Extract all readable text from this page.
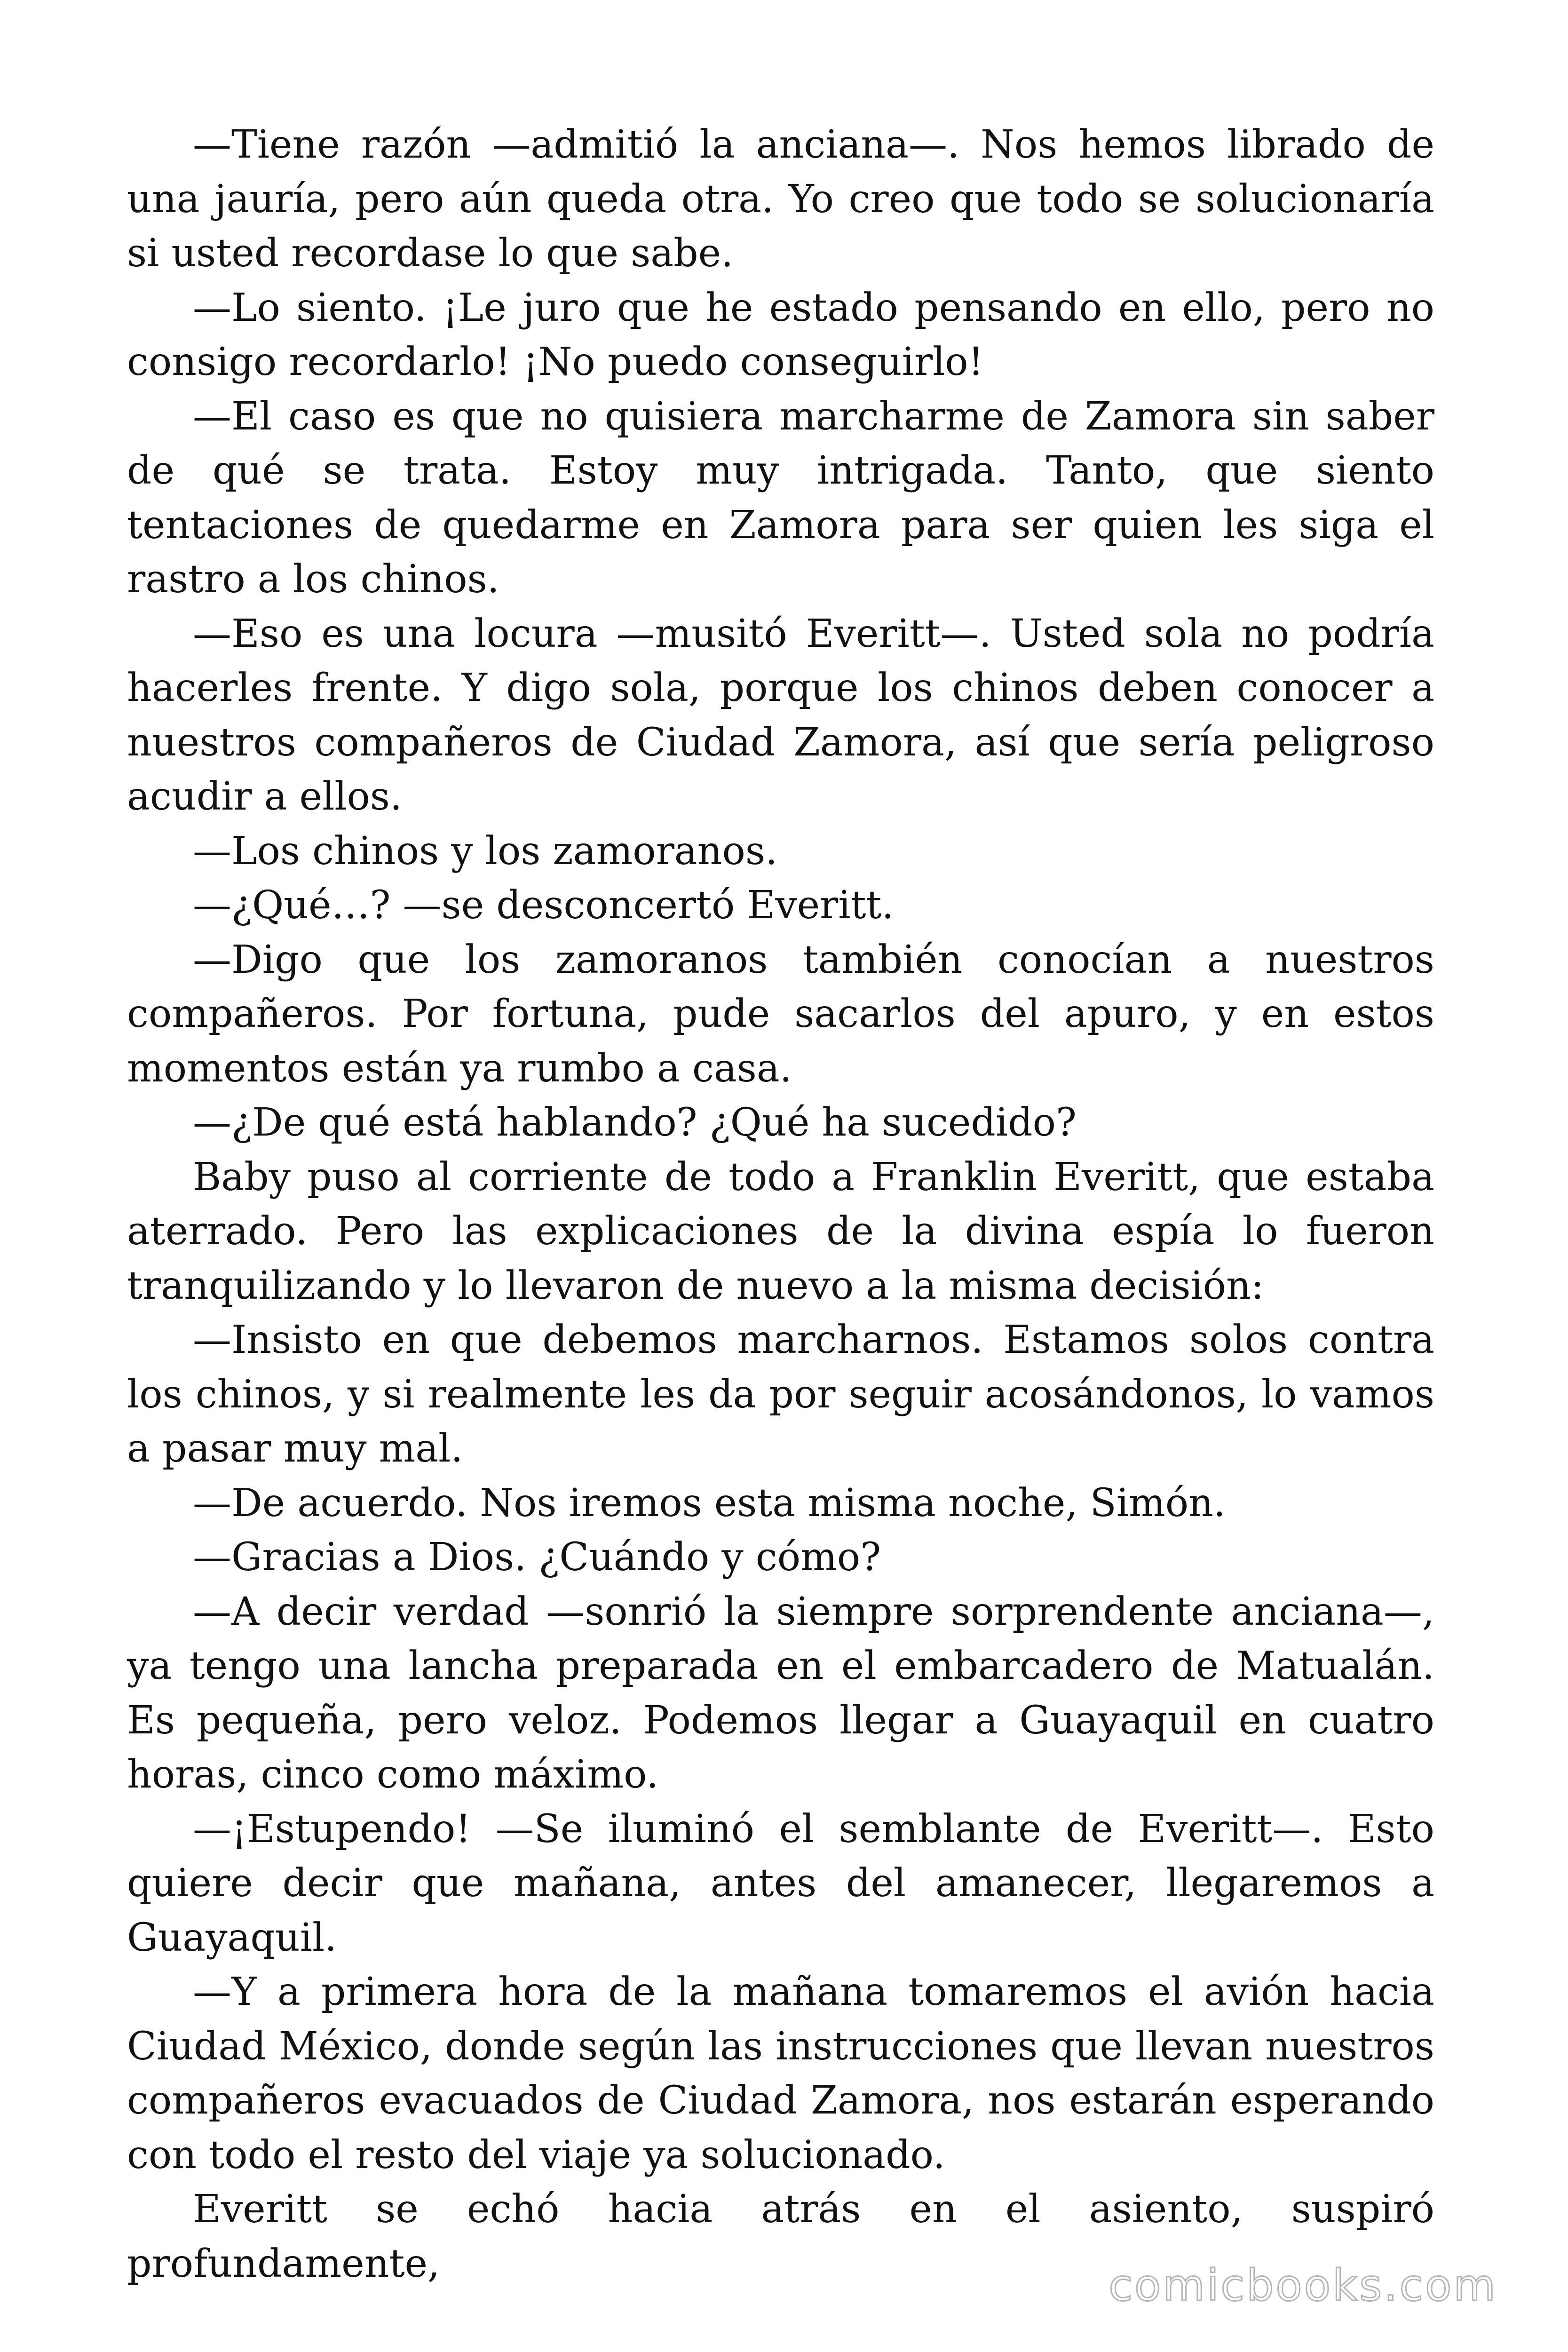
—Tiene razón —admitió la anciana—. Nos hemos librado de una jauría, pero aún queda otra. Yo creo que todo se solucionaría si usted recordase lo que sabe.

—Lo siento. ¡Le juro que he estado pensando en ello, pero no consigo recordarlo! ¡No puedo conseguirlo!

—El caso es que no quisiera marcharme de Zamora sin saber de qué se trata. Estoy muy intrigada. Tanto, que siento tentaciones de quedarme en Zamora para ser quien les siga el rastro a los chinos.

—Eso es una locura —musitó Everitt—. Usted sola no podría hacerles frente. Y digo sola, porque los chinos deben conocer a nuestros compañeros de Ciudad Zamora, así que sería peligroso acudir a ellos.

—Los chinos y los zamoranos.

—¿Qué…? —se desconcertó Everitt.

—Digo que los zamoranos también conocían a nuestros compañeros. Por fortuna, pude sacarlos del apuro, y en estos momentos están ya rumbo a casa.

—¿De qué está hablando? ¿Qué ha sucedido?

Baby puso al corriente de todo a Franklin Everitt, que estaba aterrado. Pero las explicaciones de la divina espía lo fueron tranquilizando y lo llevaron de nuevo a la misma decisión:

—Insisto en que debemos marcharnos. Estamos solos contra los chinos, y si realmente les da por seguir acosándonos, lo vamos a pasar muy mal.

—De acuerdo. Nos iremos esta misma noche, Simón.

—Gracias a Dios. ¿Cuándo y cómo?

—A decir verdad —sonrió la siempre sorprendente anciana—, ya tengo una lancha preparada en el embarcadero de Matualán. Es pequeña, pero veloz. Podemos llegar a Guayaquil en cuatro horas, cinco como máximo.

—¡Estupendo! —Se iluminó el semblante de Everitt—. Esto quiere decir que mañana, antes del amanecer, llegaremos a Guayaquil.

—Y a primera hora de la mañana tomaremos el avión hacia Ciudad México, donde según las instrucciones que llevan nuestros compañeros evacuados de Ciudad Zamora, nos estarán esperando con todo el resto del viaje ya solucionado.

Everitt se echó hacia atrás en el asiento, suspiró profundamente,	comicbooks.com
